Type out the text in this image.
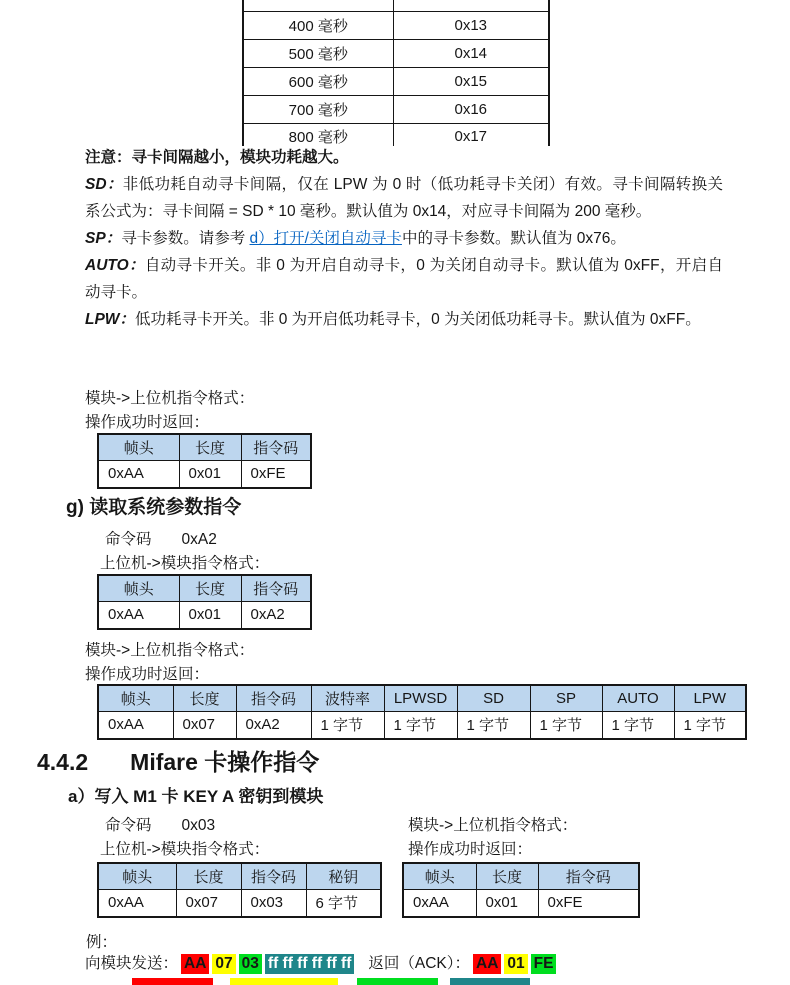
400 毫秒	0x13
500 毫秒	0x14
600 毫秒	0x15
700 毫秒	0x16
800 毫秒	0x17
注意：寻卡间隔越小，模块功耗越大。
SD：非低功耗自动寻卡间隔，仅在 LPW 为 0 时（低功耗寻卡关闭）有效。寻卡间隔转换关系公式为：寻卡间隔 = SD * 10 毫秒。默认值为 0x14，对应寻卡间隔为 200 毫秒。
SP：寻卡参数。请参考 d）打开/关闭自动寻卡中的寻卡参数。默认值为 0x76。
AUTO：自动寻卡开关。非 0 为开启自动寻卡，0 为关闭自动寻卡。默认值为 0xFF，开启自动寻卡。
LPW：低功耗寻卡开关。非 0 为开启低功耗寻卡，0 为关闭低功耗寻卡。默认值为 0xFF。
模块->上位机指令格式：
操作成功时返回：
帧头	长度	指令码
0xAA	0x01	0xFE
g) 读取系统参数指令
命令码 0xA2
上位机->模块指令格式：
帧头	长度	指令码
0xAA	0x01	0xA2
模块->上位机指令格式：
操作成功时返回：
帧头	长度	指令码	波特率	LPWSD	SD	SP	AUTO	LPW
0xAA	0x07	0xA2	1 字节	1 字节	1 字节	1 字节	1 字节	1 字节
4.4.2 Mifare 卡操作指令
a）写入 M1 卡 KEY A 密钥到模块
命令码 0x03
上位机->模块指令格式：
帧头	长度	指令码	秘钥
0xAA	0x07	0x03	6 字节
模块->上位机指令格式：
操作成功时返回：
帧头	长度	指令码
0xAA	0x01	0xFE
例：
向模块发送： AA 07 03 ff ff ff ff ff ff 返回（ACK）： AA 01 FE
